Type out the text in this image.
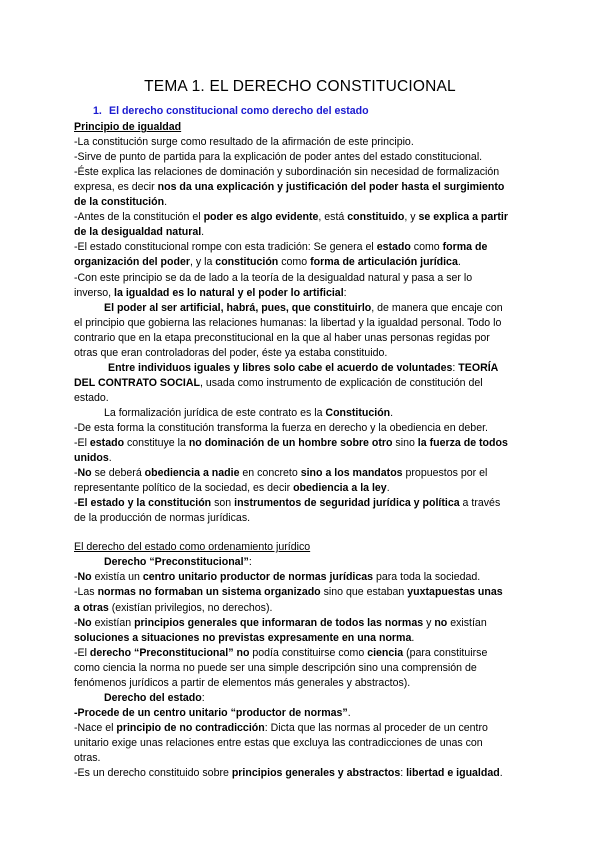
TEMA 1. EL DERECHO CONSTITUCIONAL
1. El derecho constitucional como derecho del estado
Principio de igualdad
-La constitución surge como resultado de la afirmación de este principio.
-Sirve de punto de partida para la explicación de poder antes del estado constitucional.
-Éste explica las relaciones de dominación y subordinación sin necesidad de formalización
expresa, es decir nos da una explicación y justificación del poder hasta el surgimiento
de la constitución.
-Antes de la constitución el poder es algo evidente, está constituido, y se explica a partir
de la desigualdad natural.
-El estado constitucional rompe con esta tradición: Se genera el estado como forma de
organización del poder, y la constitución como forma de articulación jurídica.
-Con este principio se da de lado a la teoría de la desigualdad natural y pasa a ser lo
inverso, la igualdad es lo natural y el poder lo artificial:
El poder al ser artificial, habrá, pues, que constituirlo, de manera que encaje con
el principio que gobierna las relaciones humanas: la libertad y la igualdad personal. Todo lo
contrario que en la etapa preconstitucional en la que al haber unas personas regidas por
otras que eran controladoras del poder, éste ya estaba constituido.
Entre individuos iguales y libres solo cabe el acuerdo de voluntades: TEORÍA
DEL CONTRATO SOCIAL, usada como instrumento de explicación de constitución del
estado.
La formalización jurídica de este contrato es la Constitución.
-De esta forma la constitución transforma la fuerza en derecho y la obediencia en deber.
-El estado constituye la no dominación de un hombre sobre otro sino la fuerza de todos
unidos.
-No se deberá obediencia a nadie en concreto sino a los mandatos propuestos por el
representante político de la sociedad, es decir obediencia a la ley.
-El estado y la constitución son instrumentos de seguridad jurídica y política a través
de la producción de normas jurídicas.
El derecho del estado como ordenamiento jurídico
Derecho “Preconstitucional”:
-No existía un centro unitario productor de normas jurídicas para toda la sociedad.
-Las normas no formaban un sistema organizado sino que estaban yuxtapuestas unas
a otras (existían privilegios, no derechos).
-No existían principios generales que informaran de todos las normas y no existían
soluciones a situaciones no previstas expresamente en una norma.
-El derecho “Preconstitucional” no podía constituirse como ciencia (para constituirse
como ciencia la norma no puede ser una simple descripción sino una comprensión de
fenómenos jurídicos a partir de elementos más generales y abstractos).
Derecho del estado:
-Procede de un centro unitario “productor de normas”.
-Nace el principio de no contradicción: Dicta que las normas al proceder de un centro
unitario exige unas relaciones entre estas que excluya las contradicciones de unas con
otras.
-Es un derecho constituido sobre principios generales y abstractos: libertad e igualdad.
